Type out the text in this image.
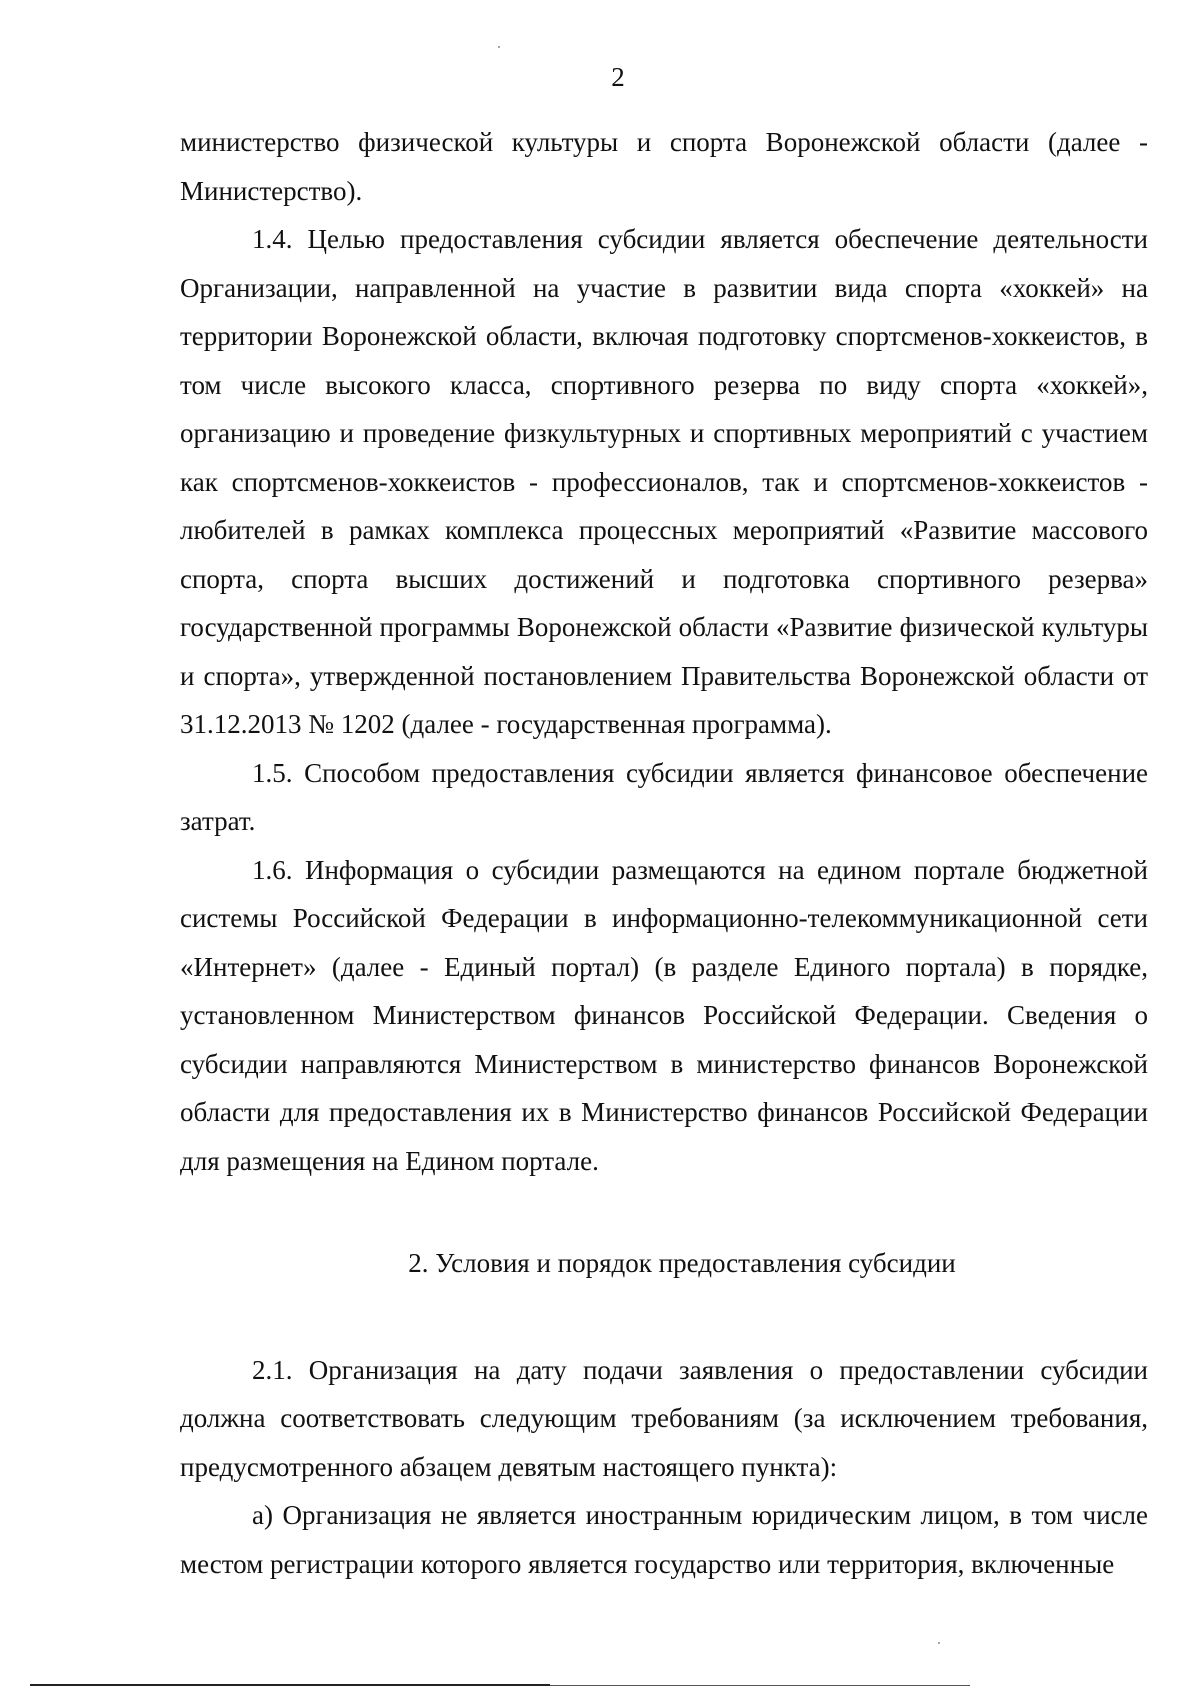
2

министерство физической культуры и спорта Воронежской области (далее - Министерство).

1.4. Целью предоставления субсидии является обеспечение деятельности Организации, направленной на участие в развитии вида спорта «хоккей» на территории Воронежской области, включая подготовку спортсменов-хоккеистов, в том числе высокого класса, спортивного резерва по виду спорта «хоккей», организацию и проведение физкультурных и спортивных мероприятий с участием как спортсменов-хоккеистов - профессионалов, так и спортсменов-хоккеистов - любителей в рамках комплекса процессных мероприятий «Развитие массового спорта, спорта высших достижений и подготовка спортивного резерва» государственной программы Воронежской области «Развитие физической культуры и спорта», утвержденной постановлением Правительства Воронежской области от 31.12.2013 № 1202 (далее - государственная программа).

1.5. Способом предоставления субсидии является финансовое обеспечение затрат.

1.6. Информация о субсидии размещаются на едином портале бюджетной системы Российской Федерации в информационно-телекоммуникационной сети «Интернет» (далее - Единый портал) (в разделе Единого портала) в порядке, установленном Министерством финансов Российской Федерации. Сведения о субсидии направляются Министерством в министерство финансов Воронежской области для предоставления их в Министерство финансов Российской Федерации для размещения на Едином портале.

2. Условия и порядок предоставления субсидии

2.1. Организация на дату подачи заявления о предоставлении субсидии должна соответствовать следующим требованиям (за исключением требования, предусмотренного абзацем девятым настоящего пункта):

а) Организация не является иностранным юридическим лицом, в том числе местом регистрации которого является государство или территория, включенные
